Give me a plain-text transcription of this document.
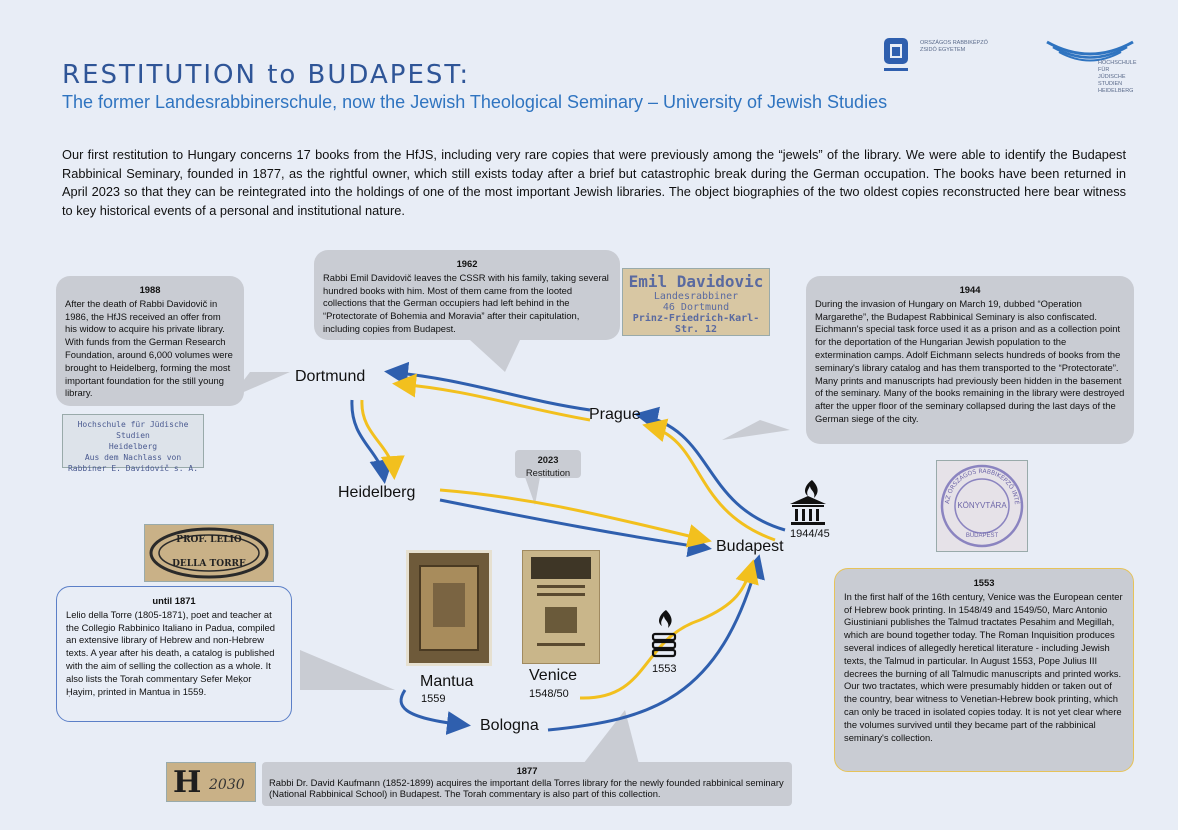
RESTITUTION to BUDAPEST:
The former Landesrabbinerschule, now the Jewish Theological Seminary – University of Jewish Studies
ORSZÁGOS RABBIKÉPZŐ
ZSIDÓ EGYETEM
HOCHSCHULE FÜR
JÜDISCHE STUDIEN
HEIDELBERG
Our first restitution to Hungary concerns 17 books from the HfJS, including very rare copies that were previously among the “jewels” of the library. We were able to identify the Budapest Rabbinical Seminary, founded in 1877, as the rightful owner, which still exists today after a brief but catastrophic break during the German occupation. The books have been returned in April 2023 so that they can be reintegrated into the holdings of one of the most important Jewish libraries. The object biographies of the two oldest copies reconstructed here bear witness to key historical events of a personal and institutional nature.
1988
After the death of Rabbi Davidovič in 1986, the HfJS received an offer from his widow to acquire his private library. With funds from the German Research Foundation, around 6,000 volumes were brought to Heidelberg, forming the most important foundation for the still young library.
1962
Rabbi Emil Davidovič leaves the CSSR with his family, taking several hundred books with him. Most of them came from the looted collections that the German occupiers had left behind in the “Protectorate of Bohemia and Moravia” after their capitulation, including copies from Budapest.
Emil Davidovic
Landesrabbiner
46 Dortmund
Prinz-Friedrich-Karl-Str. 12
1944
During the invasion of Hungary on March 19, dubbed “Operation Margarethe”, the Budapest Rabbinical Seminary is also confiscated. Eichmann's special task force used it as a prison and as a collection point for the deportation of the Hungarian Jewish population to the extermination camps. Adolf Eichmann selects hundreds of books from the seminary's library catalog and has them transported to the “Protectorate”. Many prints and manuscripts had previously been hidden in the basement of the seminary. Many of the books remaining in the library were destroyed after the upper floor of the seminary collapsed during the last days of the German siege of the city.
Hochschule für Jüdische Studien
Heidelberg
Aus dem Nachlass von
Rabbiner E. Davidovič s. A.
2023
Restitution
Dortmund
Prague
Heidelberg
Budapest
Mantua	Venice
Bologna
1944/45
1559	1548/50
1553
PROF. LELIO
DELLA TORRE
until 1871
Lelio della Torre (1805-1871), poet and teacher at the Collegio Rabbinico Italiano in Padua, compiled an extensive library of Hebrew and non-Hebrew texts. A year after his death, a catalog is published with the aim of selling the collection as a whole. It also lists the Torah commentary Sefer Meḳor Ḥayim, printed in Mantua in 1559.
AZ ORSZÁGOS RABBIKÉPZŐ INTÉ
KÖNYVTÁRA
BUDAPEST
1553
In the first half of the 16th century, Venice was the European center of Hebrew book printing. In 1548/49 and 1549/50, Marc Antonio Giustiniani publishes the Talmud tractates Pesahim and Megillah, which are bound together today. The Roman Inquisition produces several indices of allegedly heretical literature - including Jewish texts, the Talmud in particular. In August 1553, Pope Julius III decrees the burning of all Talmudic manuscripts and printed works. Our two tractates, which were presumably hidden or taken out of the country, bear witness to Venetian-Hebrew book printing, which can only be traced in isolated copies today. It is not yet clear where the volumes survived until they became part of the rabbinical seminary's collection.
H 2030
1877
Rabbi Dr. David Kaufmann (1852-1899) acquires the important della Torres library for the newly founded rabbinical seminary (National Rabbinical School) in Budapest. The Torah commentary is also part of this collection.
